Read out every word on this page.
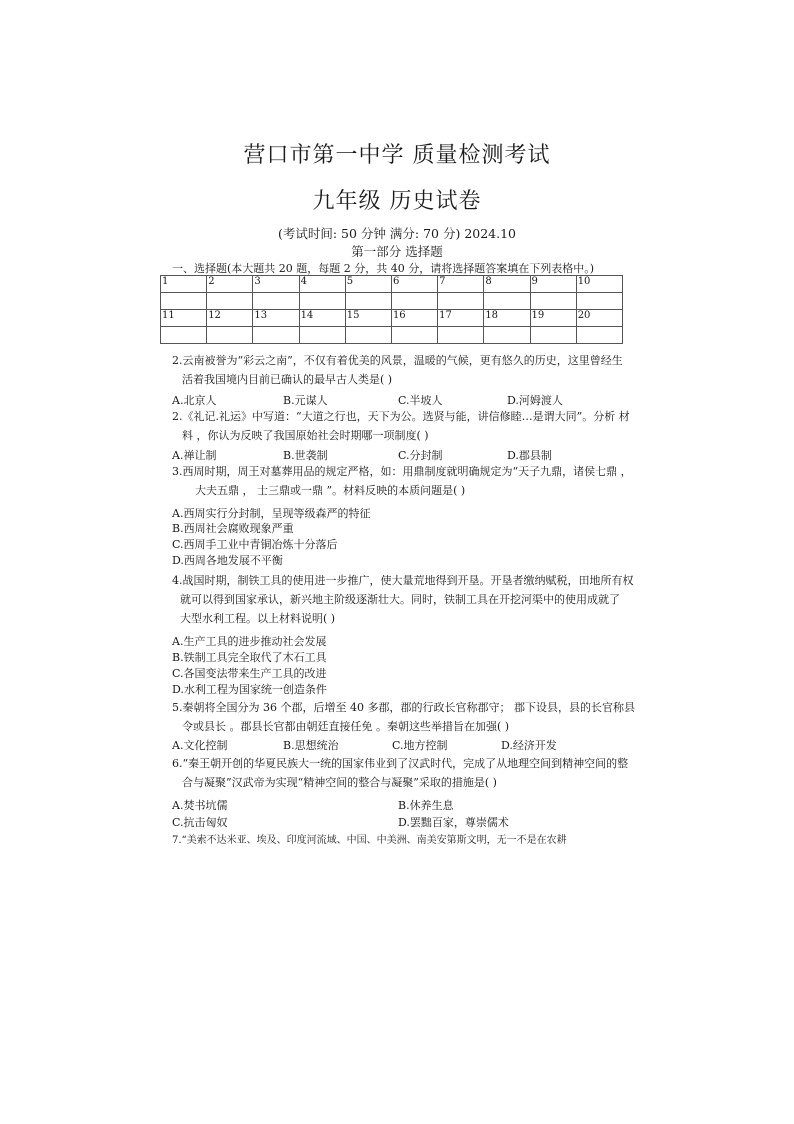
营口市第一中学 质量检测考试
九年级 历史试卷
(考试时间: 50 分钟 满分: 70 分) 2024.10
第一部分 选择题
一、选择题(本大题共 20 题，每题 2 分，共 40 分，请将选择题答案填在下列表格中。)
1	2	3	4	5	6	7	8	9	10

11	12	13	14	15	16	17	18	19	20

2.云南被誉为“彩云之南”，不仅有着优美的风景，温暖的气候，更有悠久的历史，这里曾经生
活着我国境内目前已确认的最早古人类是( )
A.北京人	B.元谋人	C.半坡人	D.河姆渡人
2.《礼记.礼运》中写道：“大道之行也，天下为公。选贤与能，讲信修睦…是谓大同”。分析 材
料 ，你认为反映了我国原始社会时期哪一项制度( )
A.禅让制	B.世袭制	C.分封制	D.郡县制
3.西周时期，周王对墓葬用品的规定严格，如：用鼎制度就明确规定为“天子九鼎，诸侯七鼎 ，
大夫五鼎 ， 士三鼎或一鼎 ”。材料反映的本质问题是( )
A.西周实行分封制，呈现等级森严的特征
B.西周社会腐败现象严重
C.西周手工业中青铜冶炼十分落后
D.西周各地发展不平衡
4.战国时期，制铁工具的使用进一步推广，使大量荒地得到开垦。开垦者缴纳赋税，田地所有权
就可以得到国家承认，新兴地主阶级逐渐壮大。同时，铁制工具在开挖河渠中的使用成就了
大型水利工程。以上材料说明( )
A.生产工具的进步推动社会发展
B.铁制工具完全取代了木石工具
C.各国变法带来生产工具的改进
D.水利工程为国家统一创造条件
5.秦朝将全国分为 36 个郡，后增至 40 多郡，郡的行政长官称郡守； 郡下设县，县的长官称县
令或县长 。郡县长官都由朝廷直接任免 。秦朝这些举措旨在加强( )
A.文化控制	B.思想统治	C.地方控制	D.经济开发
6.“秦王朝开创的华夏民族大一统的国家伟业到了汉武时代，完成了从地理空间到精神空间的整
合与凝聚”汉武帝为实现“精神空间的整合与凝聚”采取的措施是( )
A.焚书坑儒	B.休养生息
C.抗击匈奴	D.罢黜百家，尊崇儒术
7.“美索不达米亚、埃及、印度河流域、中国、中美洲、南美安第斯文明，无一不是在农耕
